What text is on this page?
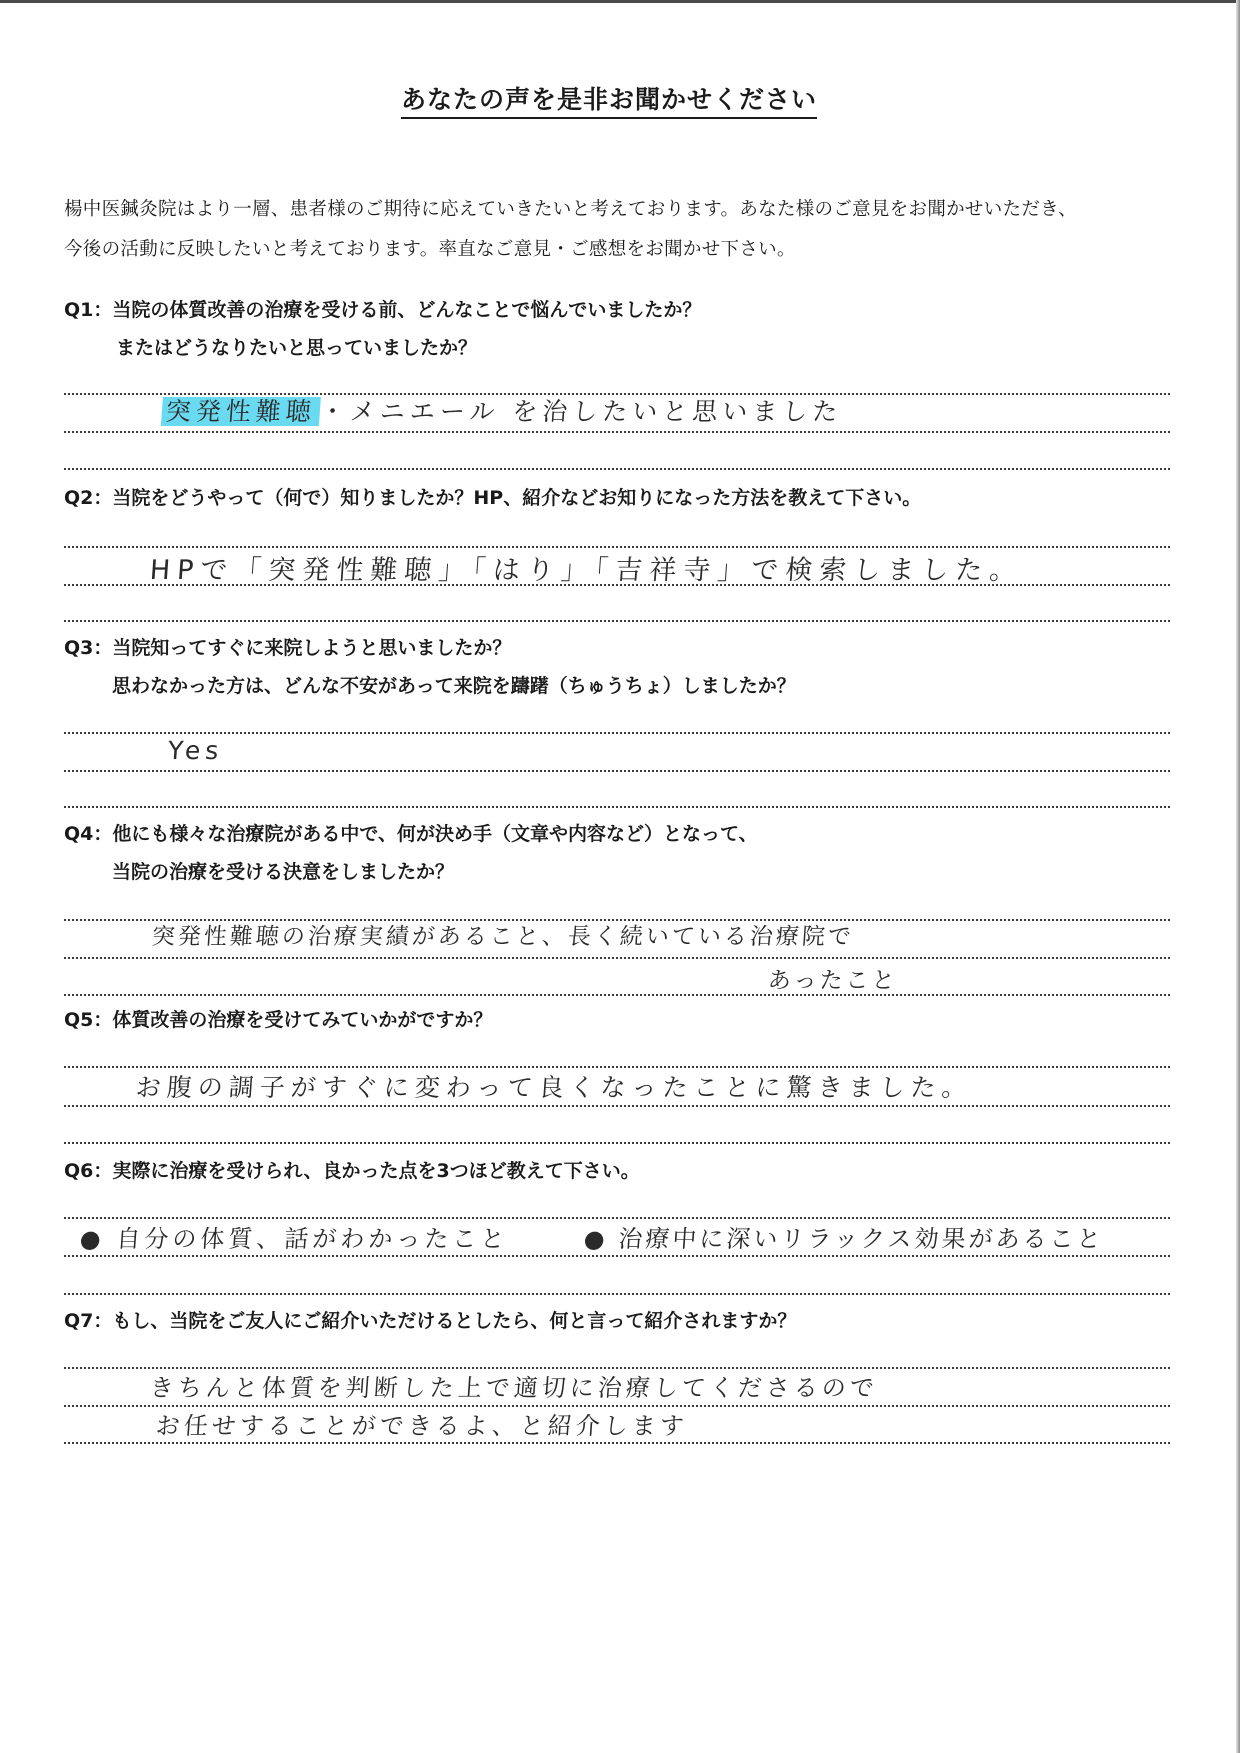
あなたの声を是非お聞かせください

楊中医鍼灸院はより一層、患者様のご期待に応えていきたいと考えております。あなた様のご意見をお聞かせいただき、

今後の活動に反映したいと考えております。率直なご意見・ご感想をお聞かせ下さい。

Q1：当院の体質改善の治療を受ける前、どんなことで悩んでいましたか？
またはどうなりたいと思っていましたか？
突発性難聴・メニエール を治したいと思いました
Q2：当院をどうやって（何で）知りましたか？HP、紹介などお知りになった方法を教えて下さい。
HPで「突発性難聴」「はり」「吉祥寺」で検索しました。
Q3：当院知ってすぐに来院しようと思いましたか？
思わなかった方は、どんな不安があって来院を躊躇（ちゅうちょ）しましたか？
Yes
Q4：他にも様々な治療院がある中で、何が決め手（文章や内容など）となって、
当院の治療を受ける決意をしましたか？
突発性難聴の治療実績があること、長く続いている治療院で
あったこと
Q5：体質改善の治療を受けてみていかがですか？
お腹の調子がすぐに変わって良くなったことに驚きました。
Q6：実際に治療を受けられ、良かった点を3つほど教えて下さい。
● 自分の体質、話がわかったこと	● 治療中に深いリラックス効果があること
Q7：もし、当院をご友人にご紹介いただけるとしたら、何と言って紹介されますか？
きちんと体質を判断した上で適切に治療してくださるので
お任せすることができるよ、と紹介します
